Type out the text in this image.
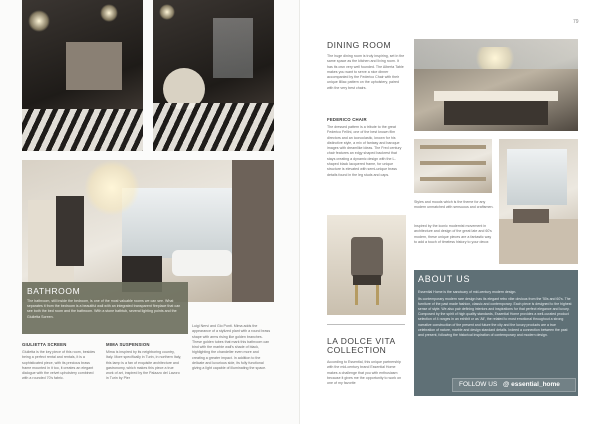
BATHROOM
The bathroom, still inside the bedroom, is one of the most valuable rooms we can see. What separates it from the bedroom is a beautiful wall with an integrated transparent fireplace that can see both the bed room and the bathroom. With a stone bathtub, several lighting points and the Giulietta Screen.
GIULIETTA SCREEN
Giulietta is the key piece of this room, besides being a perfect rental and rentals, it is a sophisticated piece, with its precious brass frame mounted in it too, it creates an elegant dialogue with the velvet upholstery combined with a rounded 70's fabric.
MIMA SUSPENSION
Mima is inspired by its neighboring country, Italy. More specifically in Turin, in northern Italy, this lamp is a fan of exquisite architecture and gastronomy, which makes this piece a true work of art, inspired by the Palazzo del Lavoro in Turin by Pier
Luigi Nervi and Gio Ponti. Mima adds the appearance of a stylized plant with a round brass shape with arms rising like golden branches. These golden tubes that mark this bathroom can bind with the marble wall's shade of black, highlighting the chandelier even more and creating a greater impact. In addition to the delicate and luxurious side, its fully functional giving a light capable of illuminating the space.
79
DINING ROOM
The huge dining room is truly inspiring, set in the same space as the kitchen and living room. It has its own very well founded. The Alberta Table makes you want to serve a nice dinner accompanied by the Federico Chair with their unique lilliac pattern on the upholstery, paired with the very best chairs.
FEDERICO CHAIR
The dressed pattern is a tribute to the great Federico Fellini, one of the best known film directors and an iconoclastic, known for his distinctive style, a mix of fantasy and baroque images with dreamlike ideas. The Fred century chair features an edgy shaped backrest that stays creating a dynamic design with the L-shaped black lacquered frame, for unique structure is elevated with semi-unique brass details found in the leg studs and caps.
Styles and moods which is the theme for any modern unmatched with sensuous and craftsmen.
Inspired by the iconic modernist movement in architecture and design of the great late and 60's modern, these unique pieces are a fantastic way to add a touch of timeless history to your decor.
LA DOLCE VITA
COLLECTION
According to Essential, this unique partnership with the mid-century brand Essential Home makes a challenge that you with enthusiasm because it gives me the opportunity to work on one of my favorite
ABOUT US
Essential Home is the sanctuary of mid-century modern design.
Its contemporary modern rare design has its elegant retro vibe obvious from the '50s and 60's. The furniture of the past made fashion, classic and contemporary. Each piece is designed to the highest sense of style. We also pair defining interiors and inspirations for that perfect elegance and luxury. Composed by the spirit of high quality standards, Essential Home provides a well-curated product selection of 4 ranges in an exhibit or as 'All', the related to most emotional throughout a strong narrative construction of the present and future the city and the luxury products are a true celebration of nature, marble and design standard details. Indeed a connection between the past and present, following the historical inspiration of contemporary and modern design.
FOLLOW US @ essential_home
